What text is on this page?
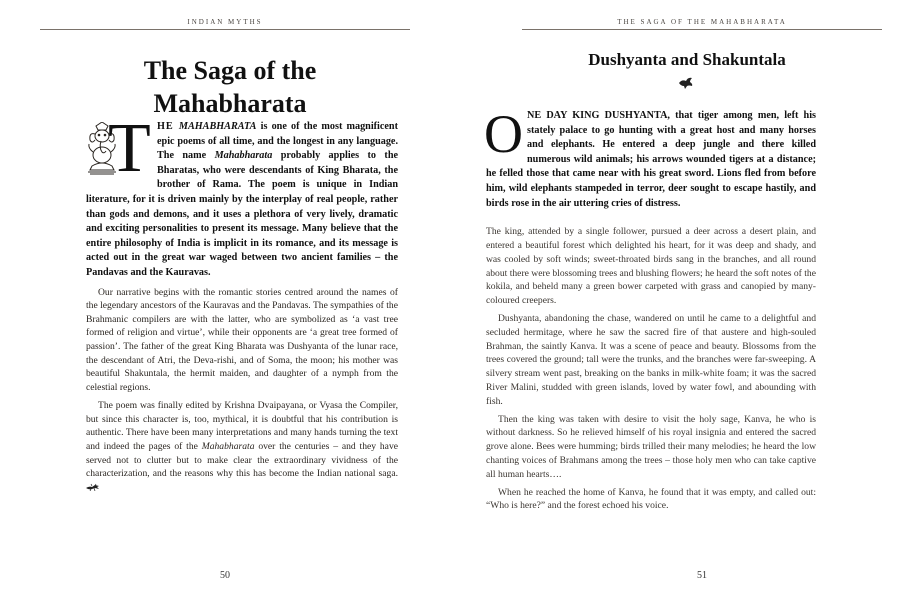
INDIAN MYTHS
The Saga of the Mahabharata
T HE MAHABHARATA is one of the most magnificent epic poems of all time, and the longest in any language. The name Mahabharata probably applies to the Bharatas, who were descendants of King Bharata, the brother of Rama. The poem is unique in Indian literature, for it is driven mainly by the interplay of real people, rather than gods and demons, and it uses a plethora of very lively, dramatic and exciting personalities to present its message. Many believe that the entire philosophy of India is implicit in its romance, and its message is acted out in the great war waged between two ancient families – the Pandavas and the Kauravas.

Our narrative begins with the romantic stories centred around the names of the legendary ancestors of the Kauravas and the Pandavas. The sympathies of the Brahmanic compilers are with the latter, who are symbolized as ‘a vast tree formed of religion and virtue’, while their opponents are ‘a great tree formed of passion’. The father of the great King Bharata was Dushyanta of the lunar race, the descendant of Atri, the Deva-rishi, and of Soma, the moon; his mother was beautiful Shakuntala, the hermit maiden, and daughter of a nymph from the celestial regions.

The poem was finally edited by Krishna Dvaipayana, or Vyasa the Compiler, but since this character is, too, mythical, it is doubtful that his contribution is authentic. There have been many interpretations and many hands turning the text and indeed the pages of the Mahabharata over the centuries – and they have served not to clutter but to make clear the extraordinary vividness of the characterization, and the reasons why this has become the Indian national saga.

50
THE SAGA OF THE MAHABHARATA
Dushyanta and Shakuntala
O NE DAY KING DUSHYANTA, that tiger among men, left his stately palace to go hunting with a great host and many horses and elephants. He entered a deep jungle and there killed numerous wild animals; his arrows wounded tigers at a distance; he felled those that came near with his great sword. Lions fled from before him, wild elephants stampeded in terror, deer sought to escape hastily, and birds rose in the air uttering cries of distress.

The king, attended by a single follower, pursued a deer across a desert plain, and entered a beautiful forest which delighted his heart, for it was deep and shady, and was cooled by soft winds; sweet-throated birds sang in the branches, and all round about there were blossoming trees and blushing flowers; he heard the soft notes of the kokila, and beheld many a green bower carpeted with grass and canopied by many-coloured creepers.

Dushyanta, abandoning the chase, wandered on until he came to a delightful and secluded hermitage, where he saw the sacred fire of that austere and high-souled Brahman, the saintly Kanva. It was a scene of peace and beauty. Blossoms from the trees covered the ground; tall were the trunks, and the branches were far-sweeping. A silvery stream went past, breaking on the banks in milk-white foam; it was the sacred River Malini, studded with green islands, loved by water fowl, and abounding with fish.

Then the king was taken with desire to visit the holy sage, Kanva, he who is without darkness. So he relieved himself of his royal insignia and entered the sacred grove alone. Bees were humming; birds trilled their many melodies; he heard the low chanting voices of Brahmans among the trees – those holy men who can take captive all human hearts….

When he reached the home of Kanva, he found that it was empty, and called out: “Who is here?” and the forest echoed his voice.

51
